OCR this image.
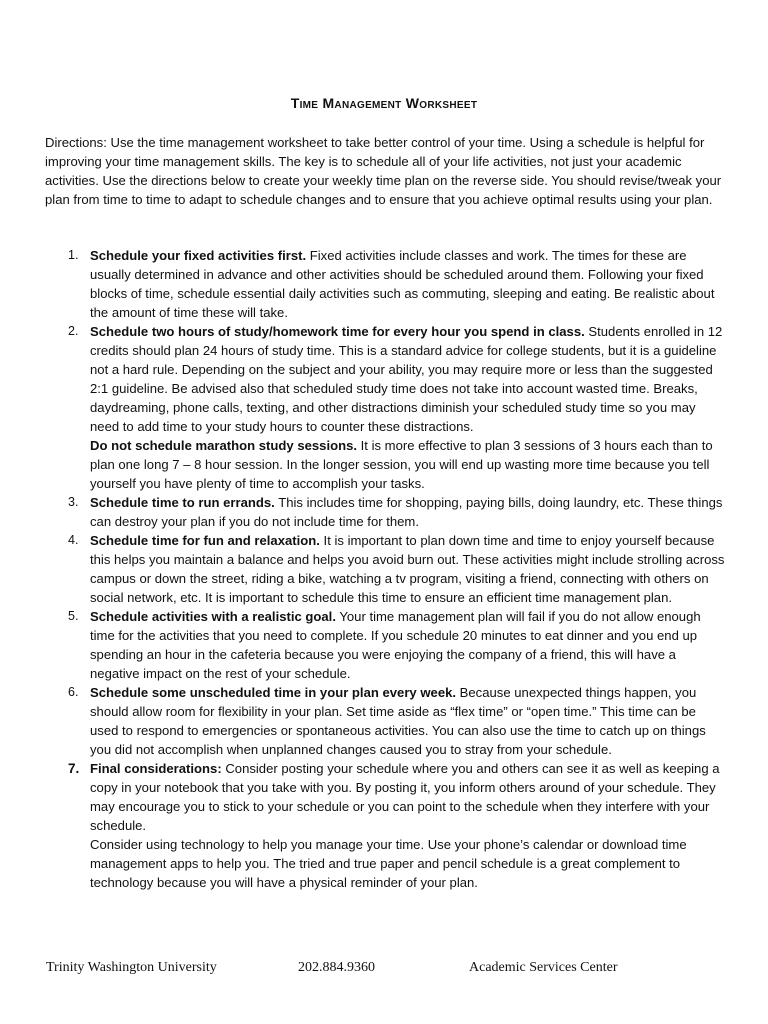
Time Management Worksheet
Directions: Use the time management worksheet to take better control of your time. Using a schedule is helpful for improving your time management skills. The key is to schedule all of your life activities, not just your academic activities. Use the directions below to create your weekly time plan on the reverse side. You should revise/tweak your plan from time to time to adapt to schedule changes and to ensure that you achieve optimal results using your plan.
1. Schedule your fixed activities first. Fixed activities include classes and work. The times for these are usually determined in advance and other activities should be scheduled around them. Following your fixed blocks of time, schedule essential daily activities such as commuting, sleeping and eating. Be realistic about the amount of time these will take.
2. Schedule two hours of study/homework time for every hour you spend in class. Students enrolled in 12 credits should plan 24 hours of study time. This is a standard advice for college students, but it is a guideline not a hard rule. Depending on the subject and your ability, you may require more or less than the suggested 2:1 guideline. Be advised also that scheduled study time does not take into account wasted time. Breaks, daydreaming, phone calls, texting, and other distractions diminish your scheduled study time so you may need to add time to your study hours to counter these distractions.
Do not schedule marathon study sessions. It is more effective to plan 3 sessions of 3 hours each than to plan one long 7 – 8 hour session. In the longer session, you will end up wasting more time because you tell yourself you have plenty of time to accomplish your tasks.
3. Schedule time to run errands. This includes time for shopping, paying bills, doing laundry, etc. These things can destroy your plan if you do not include time for them.
4. Schedule time for fun and relaxation. It is important to plan down time and time to enjoy yourself because this helps you maintain a balance and helps you avoid burn out. These activities might include strolling across campus or down the street, riding a bike, watching a tv program, visiting a friend, connecting with others on social network, etc. It is important to schedule this time to ensure an efficient time management plan.
5. Schedule activities with a realistic goal. Your time management plan will fail if you do not allow enough time for the activities that you need to complete. If you schedule 20 minutes to eat dinner and you end up spending an hour in the cafeteria because you were enjoying the company of a friend, this will have a negative impact on the rest of your schedule.
6. Schedule some unscheduled time in your plan every week. Because unexpected things happen, you should allow room for flexibility in your plan. Set time aside as “flex time” or “open time.” This time can be used to respond to emergencies or spontaneous activities. You can also use the time to catch up on things you did not accomplish when unplanned changes caused you to stray from your schedule.
7. Final considerations: Consider posting your schedule where you and others can see it as well as keeping a copy in your notebook that you take with you. By posting it, you inform others around of your schedule. They may encourage you to stick to your schedule or you can point to the schedule when they interfere with your schedule.
Consider using technology to help you manage your time. Use your phone’s calendar or download time management apps to help you. The tried and true paper and pencil schedule is a great complement to technology because you will have a physical reminder of your plan.
Trinity Washington University	202.884.9360	Academic Services Center
